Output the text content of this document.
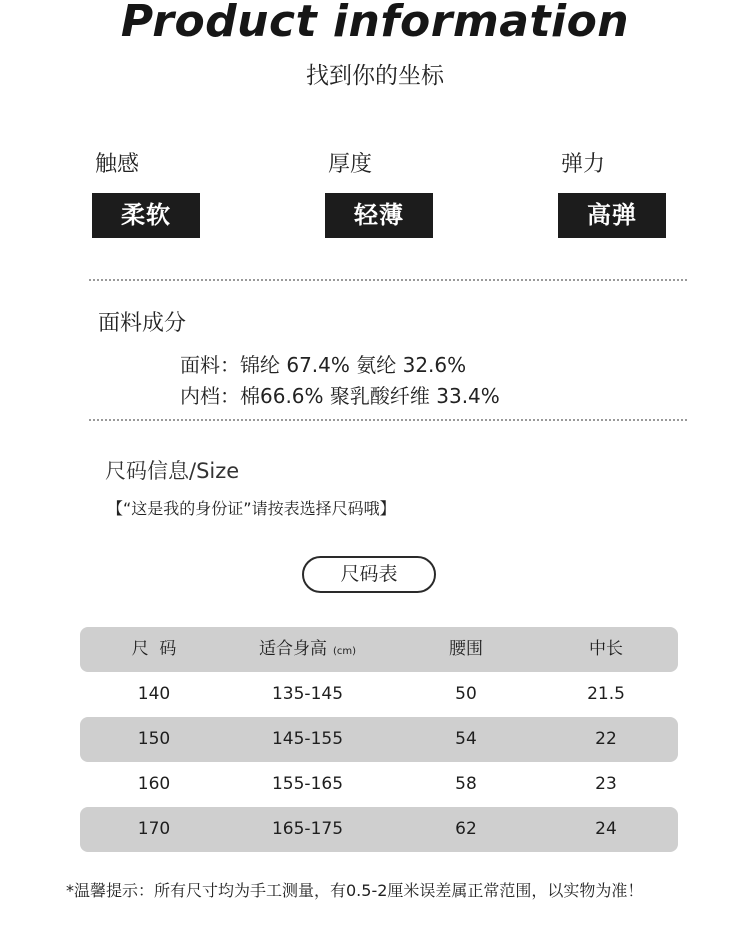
Product information
找到你的坐标
触感
柔软
厚度
轻薄
弹力
高弹
面料成分
面料：锦纶 67.4% 氨纶 32.6%
内档：棉66.6% 聚乳酸纤维 33.4%
尺码信息/Size
【“这是我的身份证”请按表选择尺码哦】
尺码表
尺  码	适合身高 (cm)	腰围	中长
140	135-145	50	21.5
150	145-155	54	22
160	155-165	58	23
170	165-175	62	24
*温馨提示：所有尺寸均为手工测量，有0.5-2厘米误差属正常范围，以实物为准！
